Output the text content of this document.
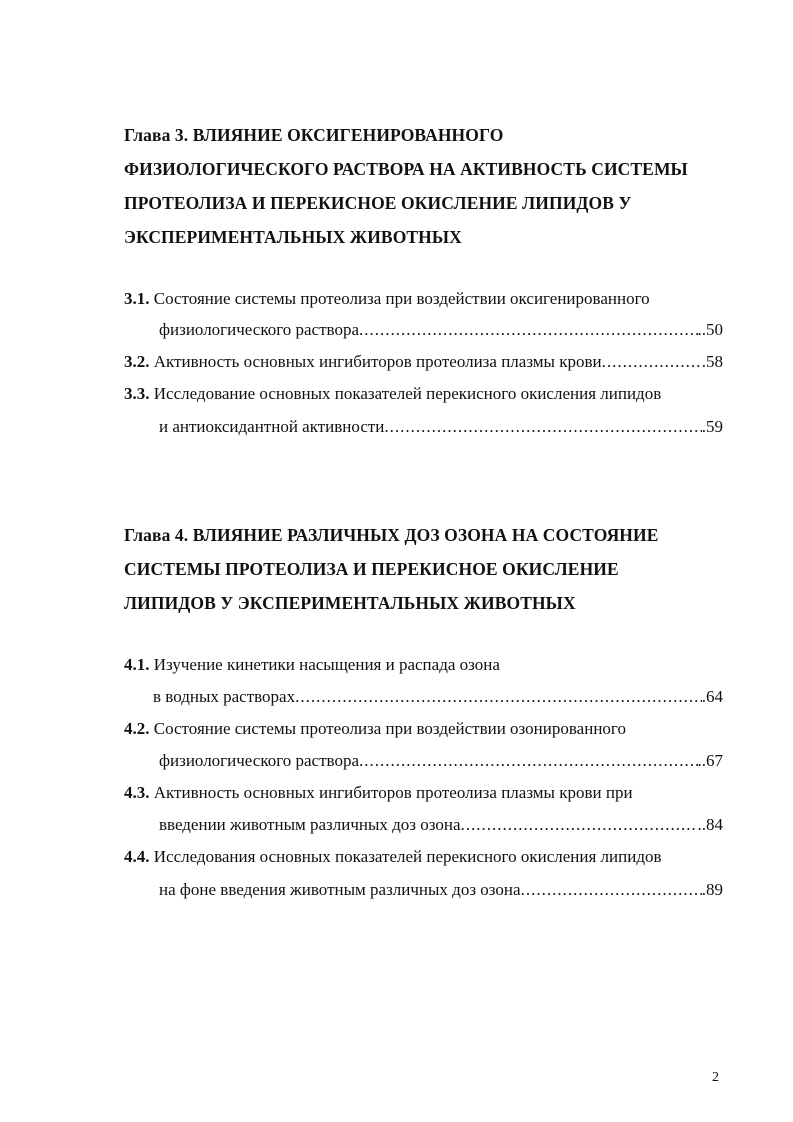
Глава 3. ВЛИЯНИЕ ОКСИГЕНИРОВАННОГО
ФИЗИОЛОГИЧЕСКОГО РАСТВОРА НА АКТИВНОСТЬ СИСТЕМЫ
ПРОТЕОЛИЗА И ПЕРЕКИСНОЕ ОКИСЛЕНИЕ ЛИПИДОВ У
ЭКСПЕРИМЕНТАЛЬНЫХ ЖИВОТНЫХ
3.1. Состояние системы протеолиза при воздействии оксигенированного
физиологического раствора .....	..50
3.2. Активность основных ингибиторов протеолиза плазмы крови .....	.58
3.3. Исследование основных показателей перекисного окисления липидов
и антиоксидантной активности .....	.59
Глава 4. ВЛИЯНИЕ РАЗЛИЧНЫХ ДОЗ ОЗОНА НА СОСТОЯНИЕ
СИСТЕМЫ ПРОТЕОЛИЗА И ПЕРЕКИСНОЕ ОКИСЛЕНИЕ
ЛИПИДОВ У ЭКСПЕРИМЕНТАЛЬНЫХ ЖИВОТНЫХ
4.1. Изучение кинетики насыщения и распада озона
в водных растворах .....	.64
4.2. Состояние системы протеолиза при воздействии озонированного
физиологического раствора .....	..67
4.3. Активность основных ингибиторов протеолиза плазмы крови при
введении животным различных доз озона .....	..84
4.4. Исследования основных показателей перекисного окисления липидов
на фоне введения животным различных доз озона .....	.89
2
